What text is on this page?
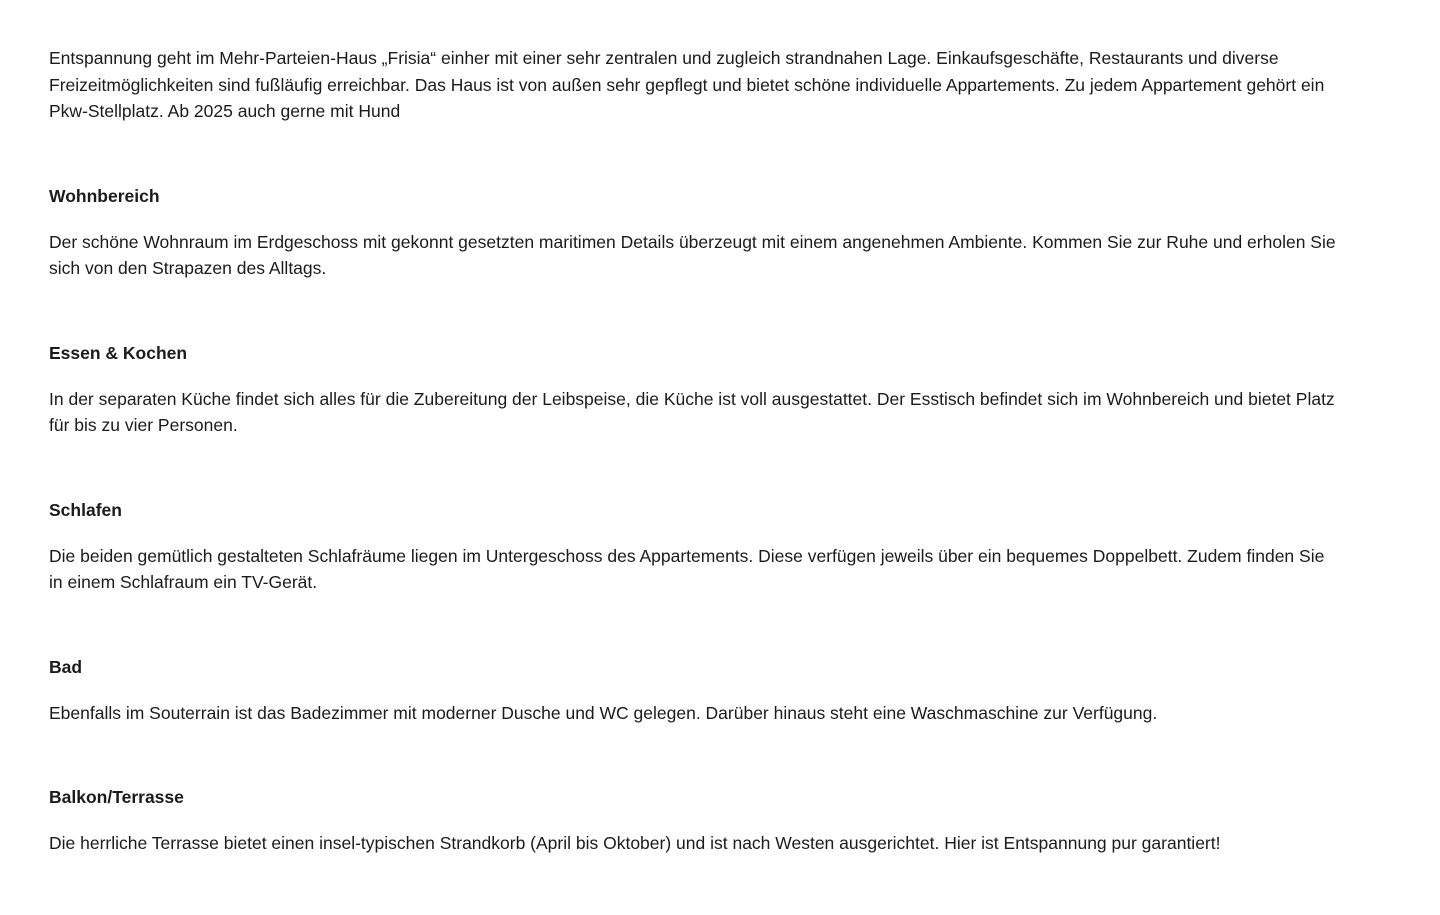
Entspannung geht im Mehr-Parteien-Haus „Frisia“ einher mit einer sehr zentralen und zugleich strandnahen Lage. Einkaufsgeschäfte, Restaurants und diverse Freizeitmöglichkeiten sind fußläufig erreichbar. Das Haus ist von außen sehr gepflegt und bietet schöne individuelle Appartements. Zu jedem Appartement gehört ein Pkw-Stellplatz. Ab 2025 auch gerne mit Hund

Wohnbereich

Der schöne Wohnraum im Erdgeschoss mit gekonnt gesetzten maritimen Details überzeugt mit einem angenehmen Ambiente. Kommen Sie zur Ruhe und erholen Sie sich von den Strapazen des Alltags.

Essen & Kochen

In der separaten Küche findet sich alles für die Zubereitung der Leibspeise, die Küche ist voll ausgestattet. Der Esstisch befindet sich im Wohnbereich und bietet Platz für bis zu vier Personen.

Schlafen

Die beiden gemütlich gestalteten Schlafräume liegen im Untergeschoss des Appartements. Diese verfügen jeweils über ein bequemes Doppelbett. Zudem finden Sie in einem Schlafraum ein TV-Gerät.

Bad

Ebenfalls im Souterrain ist das Badezimmer mit moderner Dusche und WC gelegen. Darüber hinaus steht eine Waschmaschine zur Verfügung.

Balkon/Terrasse

Die herrliche Terrasse bietet einen insel-typischen Strandkorb (April bis Oktober) und ist nach Westen ausgerichtet. Hier ist Entspannung pur garantiert!
